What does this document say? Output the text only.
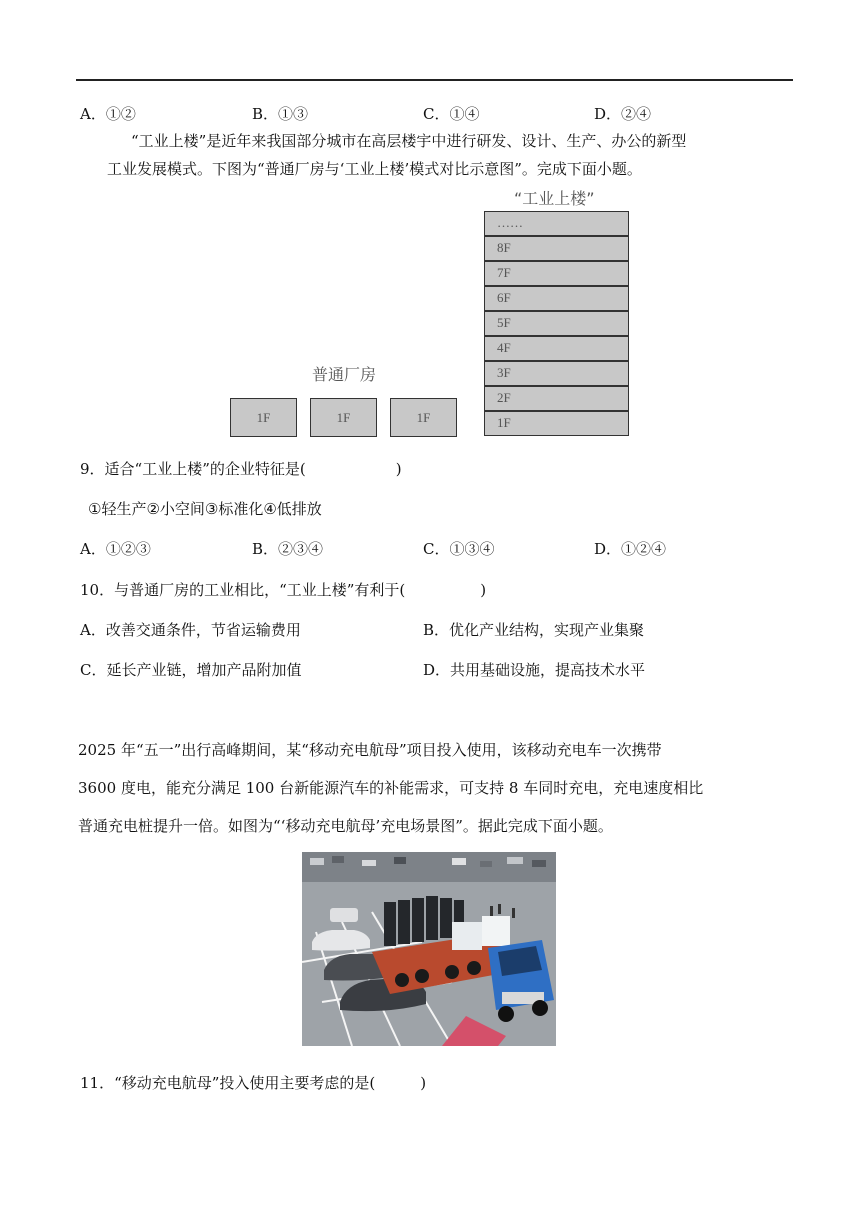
A．①②	B．①③	C．①④	D．②④
“工业上楼”是近年来我国部分城市在高层楼宇中进行研发、设计、生产、办公的新型
工业发展模式。下图为“普通厂房与‘工业上楼’模式对比示意图”。完成下面小题。
“工业上楼”
普通厂房
1F	1F	1F
……
8F
7F
6F
5F
4F
3F
2F
1F
9．适合“工业上楼”的企业特征是(　　　　　　)
①轻生产②小空间③标准化④低排放
A．①②③	B．②③④	C．①③④	D．①②④
10．与普通厂房的工业相比，“工业上楼”有利于(　　　　　)
A．改善交通条件，节省运输费用	B．优化产业结构，实现产业集聚
C．延长产业链，增加产品附加值	D．共用基础设施，提高技术水平
2025 年“五一”出行高峰期间，某“移动充电航母”项目投入使用，该移动充电车一次携带
3600 度电，能充分满足 100 台新能源汽车的补能需求，可支持 8 车同时充电，充电速度相比
普通充电桩提升一倍。如图为“‘移动充电航母’充电场景图”。据此完成下面小题。
11．“移动充电航母”投入使用主要考虑的是(　　　)
